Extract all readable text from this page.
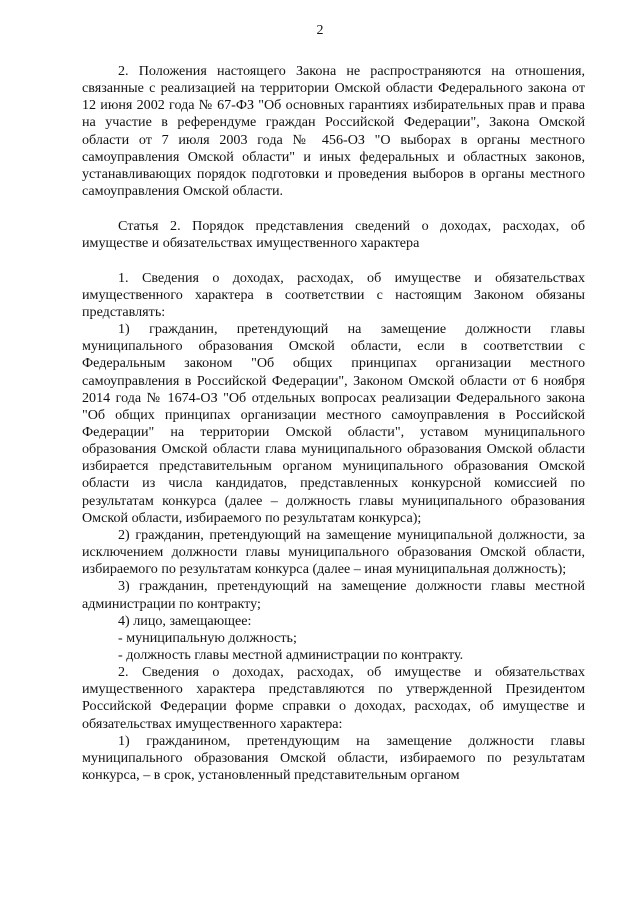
2

2. Положения настоящего Закона не распространяются на отношения, связанные с реализацией на территории Омской области Федерального закона от 12 июня 2002 года № 67-ФЗ "Об основных гарантиях избирательных прав и права на участие в референдуме граждан Российской Федерации", Закона Омской области от 7 июля 2003 года № 456-ОЗ "О выборах в органы местного самоуправления Омской области" и иных федеральных и областных законов, устанавливающих порядок подготовки и проведения выборов в органы местного самоуправления Омской области.

Статья 2. Порядок представления сведений о доходах, расходах, об имуществе и обязательствах имущественного характера

1. Сведения о доходах, расходах, об имуществе и обязательствах имущественного характера в соответствии с настоящим Законом обязаны представлять:

1) гражданин, претендующий на замещение должности главы муниципального образования Омской области, если в соответствии с Федеральным законом "Об общих принципах организации местного самоуправления в Российской Федерации", Законом Омской области от 6 ноября 2014 года № 1674-ОЗ "Об отдельных вопросах реализации Федерального закона "Об общих принципах организации местного самоуправления в Российской Федерации" на территории Омской области", уставом муниципального образования Омской области глава муниципального образования Омской области избирается представительным органом муниципального образования Омской области из числа кандидатов, представленных конкурсной комиссией по результатам конкурса (далее – должность главы муниципального образования Омской области, избираемого по результатам конкурса);

2) гражданин, претендующий на замещение муниципальной должности, за исключением должности главы муниципального образования Омской области, избираемого по результатам конкурса (далее – иная муниципальная должность);

3) гражданин, претендующий на замещение должности главы местной администрации по контракту;

4) лицо, замещающее:

- муниципальную должность;

- должность главы местной администрации по контракту.

2. Сведения о доходах, расходах, об имуществе и обязательствах имущественного характера представляются по утвержденной Президентом Российской Федерации форме справки о доходах, расходах, об имуществе и обязательствах имущественного характера:

1) гражданином, претендующим на замещение должности главы муниципального образования Омской области, избираемого по результатам конкурса, – в срок, установленный представительным органом
